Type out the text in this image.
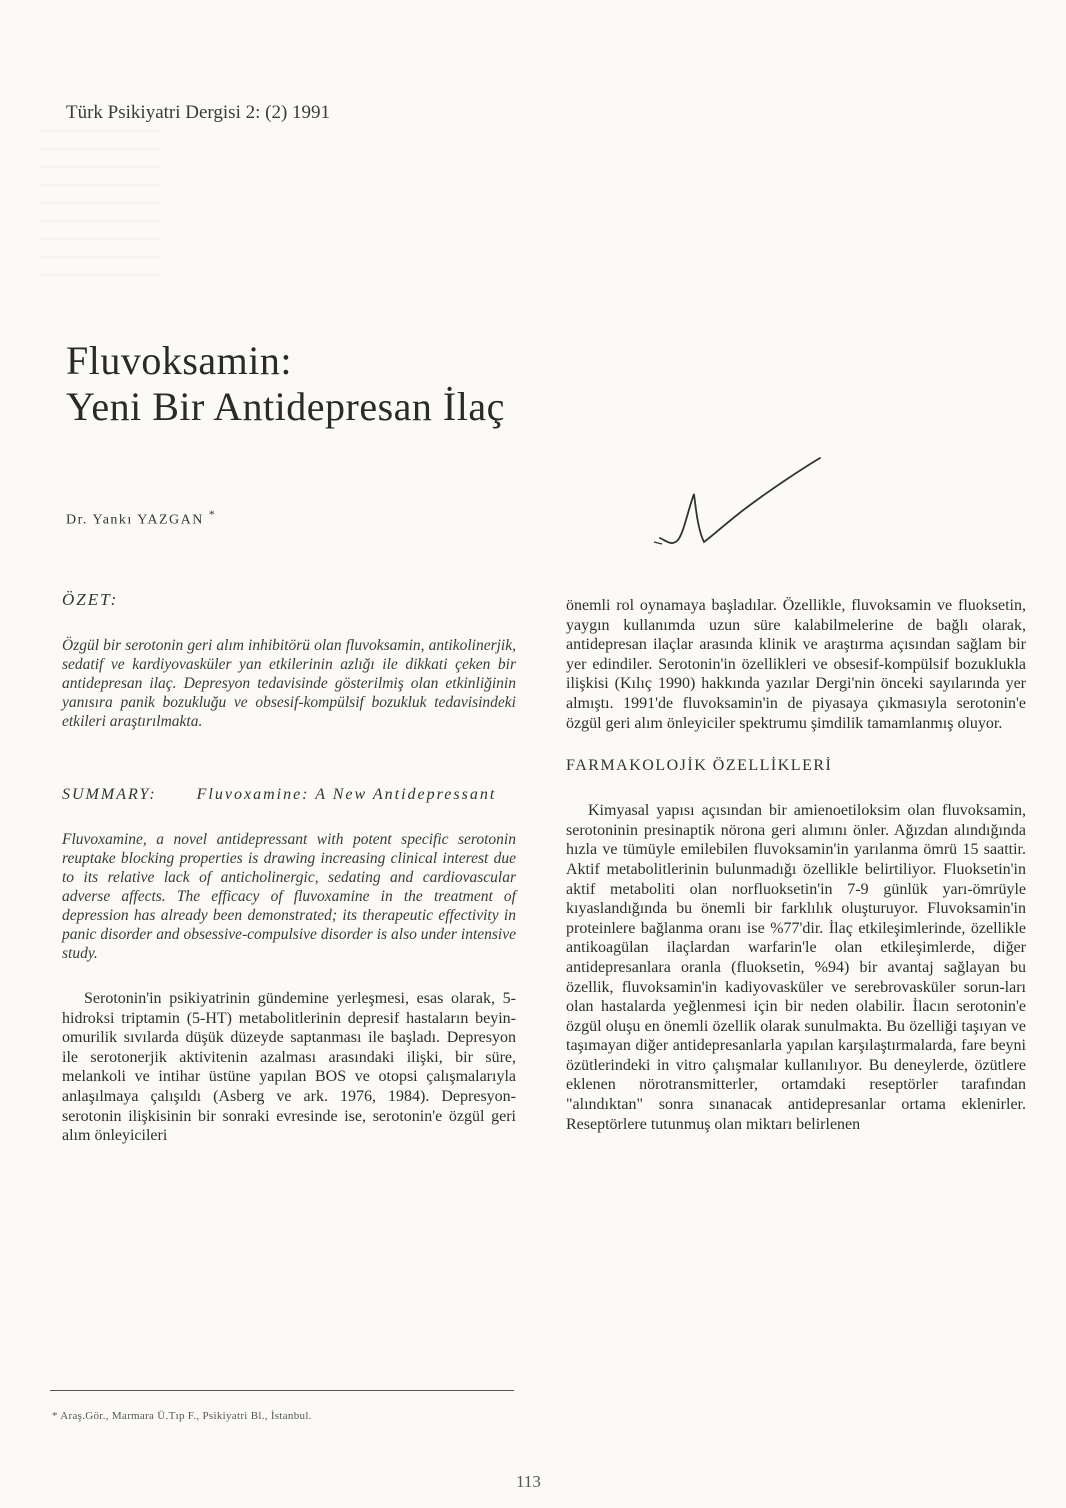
Türk Psikiyatri Dergisi 2: (2) 1991
Fluvoksamin:
Yeni Bir Antidepresan İlaç
Dr. Yankı YAZGAN *

ÖZET:

Özgül bir serotonin geri alım inhibitörü olan fluvoksamin, antikolinerjik, sedatif ve kardiyovasküler yan etkilerinin azlığı ile dikkati çeken bir antidepresan ilaç. Depresyon tedavisinde gösterilmiş olan etkinliğinin yanısıra panik bozukluğu ve obsesif-kompülsif bozukluk tedavisindeki etkileri araştırılmakta.

SUMMARY:	Fluvoxamine: A New Antidepressant

Fluvoxamine, a novel antidepressant with potent specific serotonin reuptake blocking properties is drawing increasing clinical interest due to its relative lack of anticholinergic, sedating and cardiovascular adverse affects. The efficacy of fluvoxamine in the treatment of depression has already been demonstrated; its therapeutic effectivity in panic disorder and obsessive-compulsive disorder is also under intensive study.

Serotonin'in psikiyatrinin gündemine yerleşmesi, esas olarak, 5-hidroksi triptamin (5-HT) metabolitlerinin depresif hastaların beyin-omurilik sıvılarda düşük düzeyde saptanması ile başladı. Depresyon ile serotonerjik aktivitenin azalması arasındaki ilişki, bir süre, melankoli ve intihar üstüne yapılan BOS ve otopsi çalışmalarıyla anlaşılmaya çalışıldı (Asberg ve ark. 1976, 1984). Depresyon-serotonin ilişkisinin bir sonraki evresinde ise, serotonin'e özgül geri alım önleyicileri

önemli rol oynamaya başladılar. Özellikle, fluvoksamin ve fluoksetin, yaygın kullanımda uzun süre kalabilmelerine de bağlı olarak, antidepresan ilaçlar arasında klinik ve araştırma açısından sağlam bir yer edindiler. Serotonin'in özellikleri ve obsesif-kompülsif bozuklukla ilişkisi (Kılıç 1990) hakkında yazılar Dergi'nin önceki sayılarında yer almıştı. 1991'de fluvoksamin'in de piyasaya çıkmasıyla serotonin'e özgül geri alım önleyiciler spektrumu şimdilik tamamlanmış oluyor.

FARMAKOLOJİK ÖZELLİKLERİ

Kimyasal yapısı açısından bir amienoetiloksim olan fluvoksamin, serotoninin presinaptik nörona geri alımını önler. Ağızdan alındığında hızla ve tümüyle emilebilen fluvoksamin'in yarılanma ömrü 15 saattir. Aktif metabolitlerinin bulunmadığı özellikle belirtiliyor. Fluoksetin'in aktif metaboliti olan norfluoksetin'in 7-9 günlük yarı-ömrüyle kıyaslandığında bu önemli bir farklılık oluşturuyor. Fluvoksamin'in proteinlere bağlanma oranı ise %77'dir. İlaç etkileşimlerinde, özellikle antikoagülan ilaçlardan warfarin'le olan etkileşimlerde, diğer antidepresanlara oranla (fluoksetin, %94) bir avantaj sağlayan bu özellik, fluvoksamin'in kadiyovasküler ve serebrovasküler sorun-ları olan hastalarda yeğlenmesi için bir neden olabilir. İlacın serotonin'e özgül oluşu en önemli özellik olarak sunulmakta. Bu özelliği taşıyan ve taşımayan diğer antidepresanlarla yapılan karşılaştırmalarda, fare beyni özütlerindeki in vitro çalışmalar kullanılıyor. Bu deneylerde, özütlere eklenen nörotransmitterler, ortamdaki reseptörler tarafından "alındıktan" sonra sınanacak antidepresanlar ortama eklenirler. Reseptörlere tutunmuş olan miktarı belirlenen

* Araş.Gör., Marmara Ü.Tıp F., Psikiyatri Bl., İstanbul.
113
